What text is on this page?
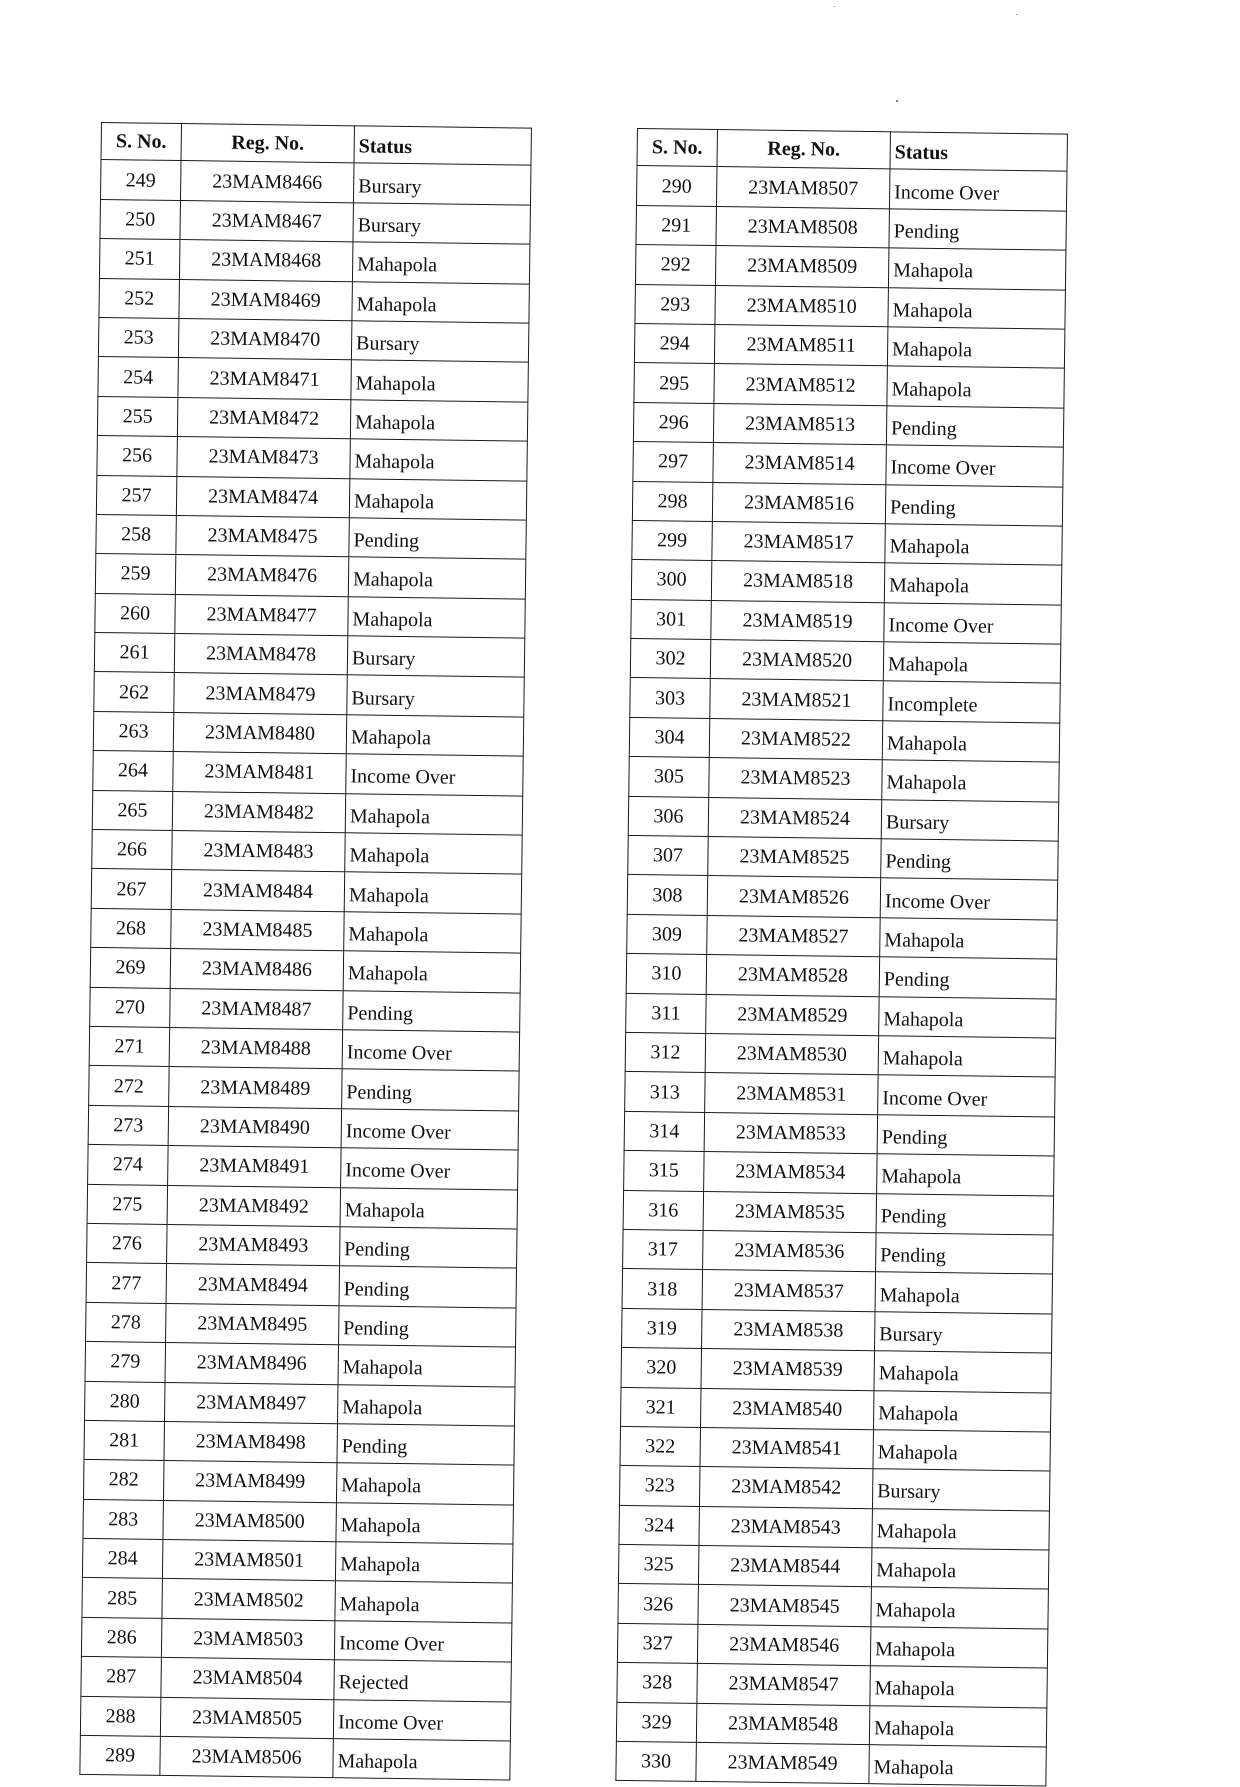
S. No.	Reg. No.	Status
249	23MAM8466	Bursary
250	23MAM8467	Bursary
251	23MAM8468	Mahapola
252	23MAM8469	Mahapola
253	23MAM8470	Bursary
254	23MAM8471	Mahapola
255	23MAM8472	Mahapola
256	23MAM8473	Mahapola
257	23MAM8474	Mahapola
258	23MAM8475	Pending
259	23MAM8476	Mahapola
260	23MAM8477	Mahapola
261	23MAM8478	Bursary
262	23MAM8479	Bursary
263	23MAM8480	Mahapola
264	23MAM8481	Income Over
265	23MAM8482	Mahapola
266	23MAM8483	Mahapola
267	23MAM8484	Mahapola
268	23MAM8485	Mahapola
269	23MAM8486	Mahapola
270	23MAM8487	Pending
271	23MAM8488	Income Over
272	23MAM8489	Pending
273	23MAM8490	Income Over
274	23MAM8491	Income Over
275	23MAM8492	Mahapola
276	23MAM8493	Pending
277	23MAM8494	Pending
278	23MAM8495	Pending
279	23MAM8496	Mahapola
280	23MAM8497	Mahapola
281	23MAM8498	Pending
282	23MAM8499	Mahapola
283	23MAM8500	Mahapola
284	23MAM8501	Mahapola
285	23MAM8502	Mahapola
286	23MAM8503	Income Over
287	23MAM8504	Rejected
288	23MAM8505	Income Over
289	23MAM8506	Mahapola
S. No.	Reg. No.	Status
290	23MAM8507	Income Over
291	23MAM8508	Pending
292	23MAM8509	Mahapola
293	23MAM8510	Mahapola
294	23MAM8511	Mahapola
295	23MAM8512	Mahapola
296	23MAM8513	Pending
297	23MAM8514	Income Over
298	23MAM8516	Pending
299	23MAM8517	Mahapola
300	23MAM8518	Mahapola
301	23MAM8519	Income Over
302	23MAM8520	Mahapola
303	23MAM8521	Incomplete
304	23MAM8522	Mahapola
305	23MAM8523	Mahapola
306	23MAM8524	Bursary
307	23MAM8525	Pending
308	23MAM8526	Income Over
309	23MAM8527	Mahapola
310	23MAM8528	Pending
311	23MAM8529	Mahapola
312	23MAM8530	Mahapola
313	23MAM8531	Income Over
314	23MAM8533	Pending
315	23MAM8534	Mahapola
316	23MAM8535	Pending
317	23MAM8536	Pending
318	23MAM8537	Mahapola
319	23MAM8538	Bursary
320	23MAM8539	Mahapola
321	23MAM8540	Mahapola
322	23MAM8541	Mahapola
323	23MAM8542	Bursary
324	23MAM8543	Mahapola
325	23MAM8544	Mahapola
326	23MAM8545	Mahapola
327	23MAM8546	Mahapola
328	23MAM8547	Mahapola
329	23MAM8548	Mahapola
330	23MAM8549	Mahapola
